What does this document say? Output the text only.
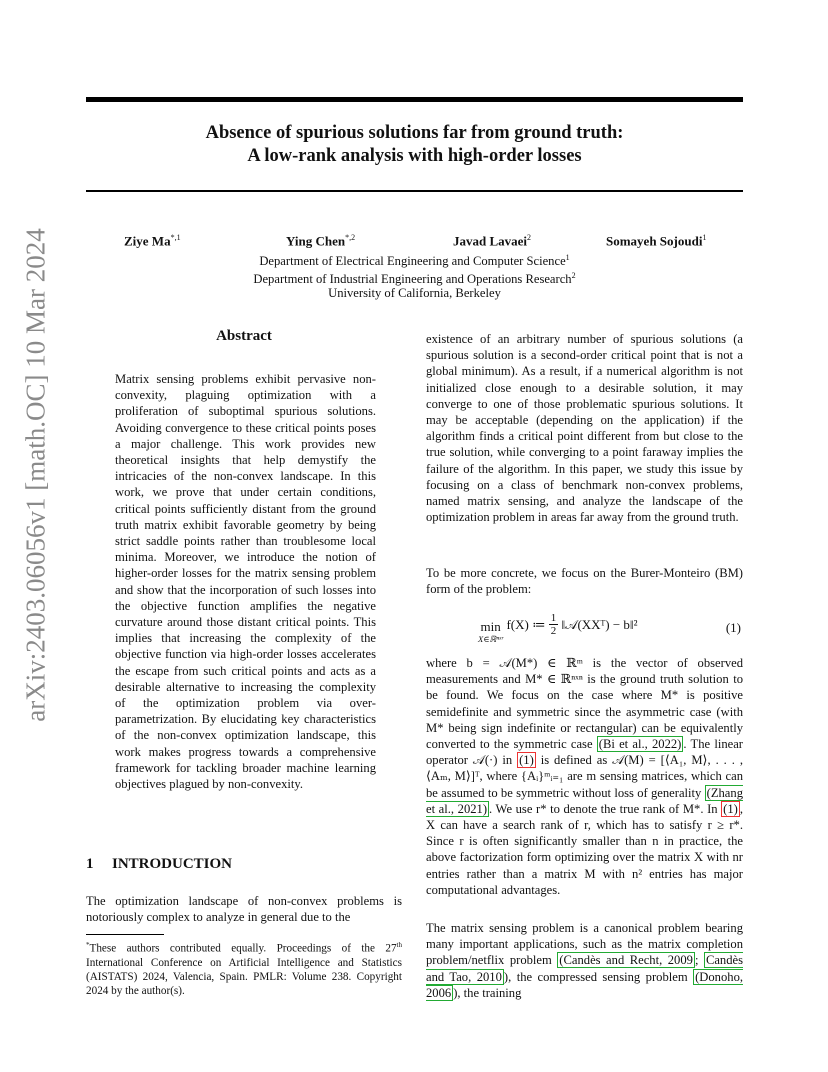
Absence of spurious solutions far from ground truth:
A low-rank analysis with high-order losses
arXiv:2403.06056v1 [math.OC] 10 Mar 2024	Ziye $Ma^{*,1}$	Ying Chen$^{*,2}$	Javad Lavaei$^2$	Somayeh Sojoudi$^1$
Department of Electrical Engineering and Computer Science$^1$
Department of Industrial Engineering and Operations Research$^2$
University of California, Berkeley
Abstract

Matrix sensing problems exhibit pervasive non-convexity, plaguing optimization with a proliferation of suboptimal spurious solutions. Avoiding convergence to these critical points poses a major challenge. This work provides new theoretical insights that help demystify the intricacies of the non-convex landscape. In this work, we prove that under certain conditions, critical points sufficiently distant from the ground truth matrix exhibit favorable geometry by being strict saddle points rather than troublesome local minima. Moreover, we introduce the notion of higher-order losses for the matrix sensing problem and show that the incorporation of such losses into the objective function amplifies the negative curvature around those distant critical points. This implies that increasing the complexity of the objective function via high-order losses accelerates the escape from such critical points and acts as a desirable alternative to increasing the complexity of the optimization problem via over-parametrization. By elucidating key characteristics of the non-convex optimization landscape, this work makes progress towards a comprehensive framework for tackling broader machine learning objectives plagued by non-convexity.

1 INTRODUCTION

The optimization landscape of non-convex problems is notoriously complex to analyze in general due to the

*These authors contributed equally. Proceedings of the 27th International Conference on Artificial Intelligence and Statistics (AISTATS) 2024, Valencia, Spain. PMLR: Volume 238. Copyright 2024 by the author(s).

existence of an arbitrary number of spurious solutions (a spurious solution is a second-order critical point that is not a global minimum). As a result, if a numerical algorithm is not initialized close enough to a desirable solution, it may converge to one of those problematic spurious solutions. It may be acceptable (depending on the application) if the algorithm finds a critical point different from but close to the true solution, while converging to a point faraway implies the failure of the algorithm. In this paper, we study this issue by focusing on a class of benchmark non-convex problems, named matrix sensing, and analyze the landscape of the optimization problem in areas far away from the ground truth.

To be more concrete, we focus on the Burer-Monteiro (BM) form of the problem:

min
X∈ℝⁿˣʳ
f(X) ≔ $\frac{1}{2}$ ‖𝒜(XXᵀ) − b‖²	(1)

where b = 𝒜(M*) ∈ ℝᵐ is the vector of observed measurements and M* ∈ ℝⁿˣⁿ is the ground truth solution to be found. We focus on the case where M* is positive semidefinite and symmetric since the asymmetric case (with M* being sign indefinite or rectangular) can be equivalently converted to the symmetric case (Bi et al., 2022) . The linear operator 𝒜(·) in (1) is defined as 𝒜(M) = [⟨A₁, M⟩, . . . , ⟨Aₘ, M⟩]ᵀ, where {Aᵢ}ᵐᵢ₌₁ are m sensing matrices, which can be assumed to be symmetric without loss of generality (Zhang et al., 2021) . We use r* to denote the true rank of M*. In (1) , X can have a search rank of r, which has to satisfy r ≥ r*. Since r is often significantly smaller than n in practice, the above factorization form optimizing over the matrix X with nr entries rather than a matrix M with n² entries has major computational advantages.

The matrix sensing problem is a canonical problem bearing many important applications, such as the matrix completion problem/netflix problem (Candès and Recht, 2009 ; Candès and Tao, 2010 ), the compressed sensing problem (Donoho, 2006 ), the training
